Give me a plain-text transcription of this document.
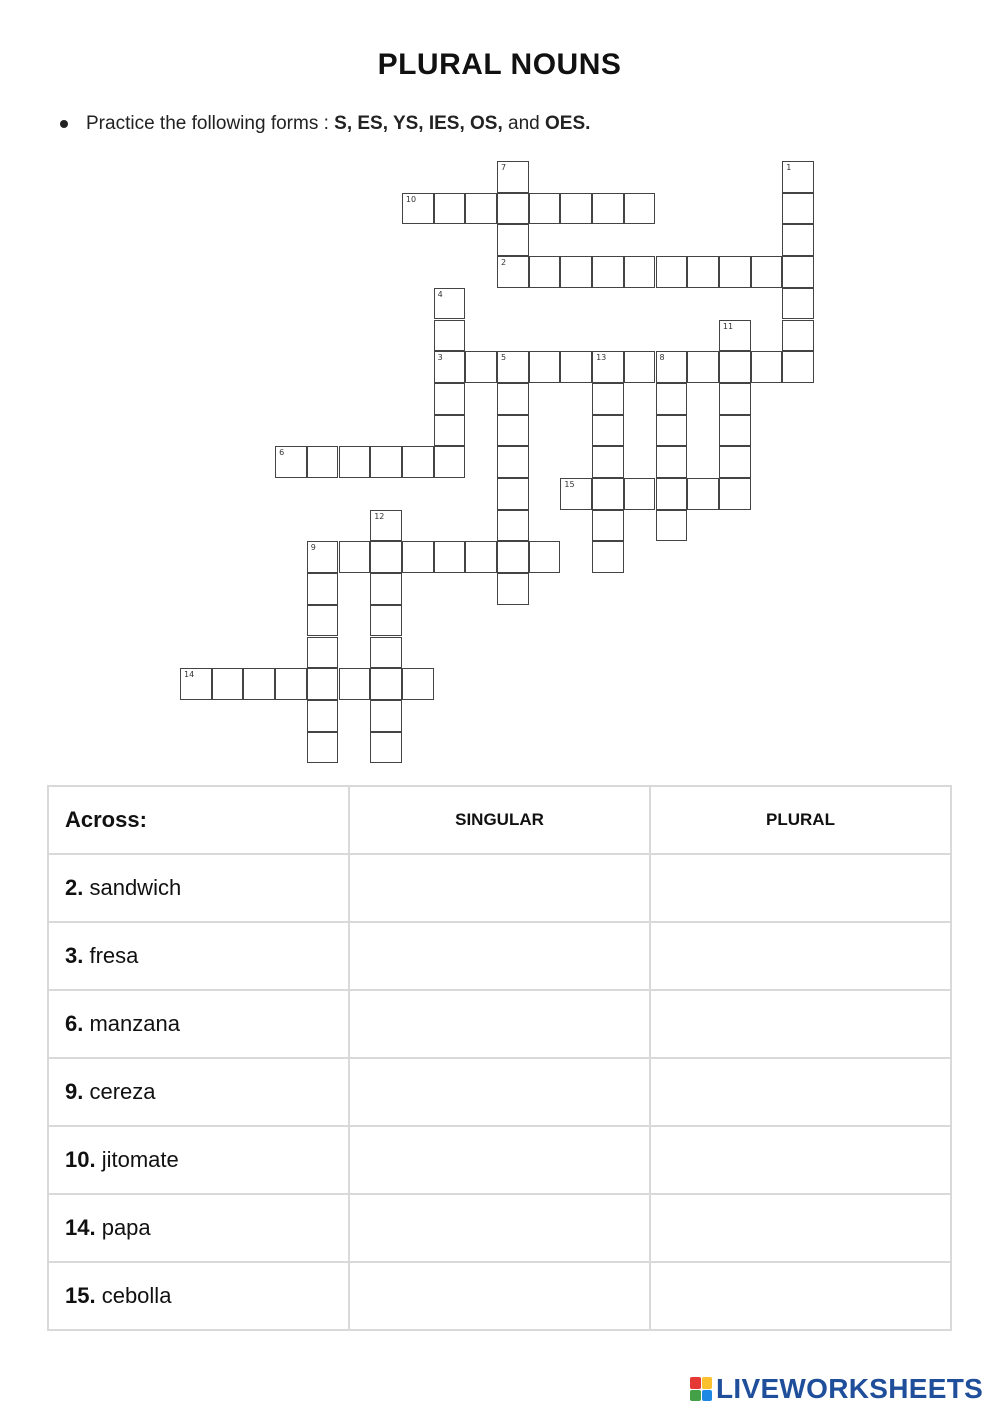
PLURAL NOUNS
Practice the following forms : S, ES, YS, IES, OS, and OES.
10
2
3	5	13	8
6
15
9
14
7	1
4
11
12
Across:	SINGULAR	PLURAL
2. sandwich		
3. fresa		
6. manzana		
9. cereza		
10. jitomate		
14. papa		
15. cebolla		
LIVEWORKSHEETS
